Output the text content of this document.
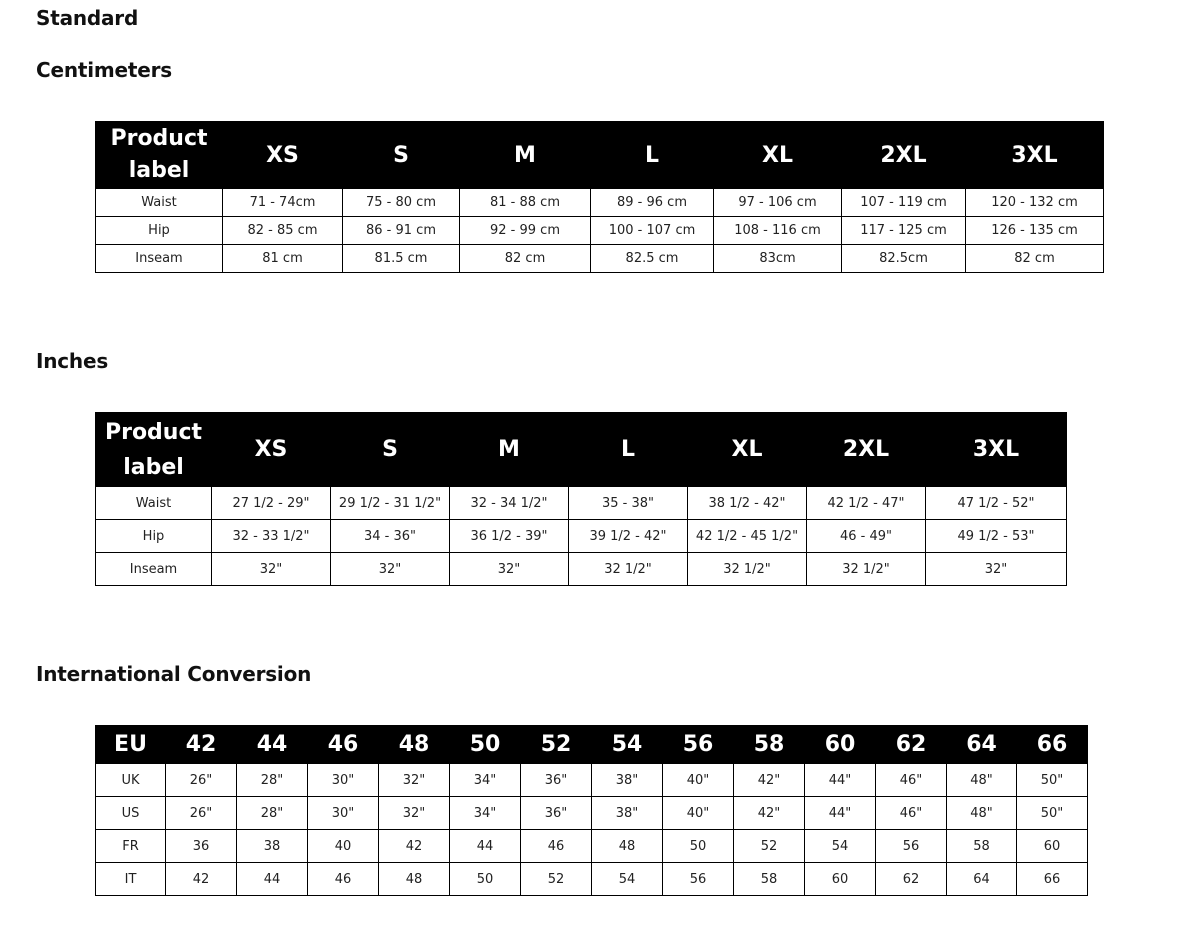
Standard
Centimeters
Product
label	XS	S	M	L	XL	2XL	3XL
Waist	71 - 74cm	75 - 80 cm	81 - 88 cm	89 - 96 cm	97 - 106 cm	107 - 119 cm	120 - 132 cm
Hip	82 - 85 cm	86 - 91 cm	92 - 99 cm	100 - 107 cm	108 - 116 cm	117 - 125 cm	126 - 135 cm
Inseam	81 cm	81.5 cm	82 cm	82.5 cm	83cm	82.5cm	82 cm
Inches
Product
label	XS	S	M	L	XL	2XL	3XL
Waist	27 1/2 - 29"	29 1/2 - 31 1/2"	32 - 34 1/2"	35 - 38"	38 1/2 - 42"	42 1/2 - 47"	47 1/2 - 52"
Hip	32 - 33 1/2"	34 - 36"	36 1/2 - 39"	39 1/2 - 42"	42 1/2 - 45 1/2"	46 - 49"	49 1/2 - 53"
Inseam	32"	32"	32"	32 1/2"	32 1/2"	32 1/2"	32"
International Conversion
EU	42	44	46	48	50	52	54	56	58	60	62	64	66
UK	26"	28"	30"	32"	34"	36"	38"	40"	42"	44"	46"	48"	50"
US	26"	28"	30"	32"	34"	36"	38"	40"	42"	44"	46"	48"	50"
FR	36	38	40	42	44	46	48	50	52	54	56	58	60
IT	42	44	46	48	50	52	54	56	58	60	62	64	66
